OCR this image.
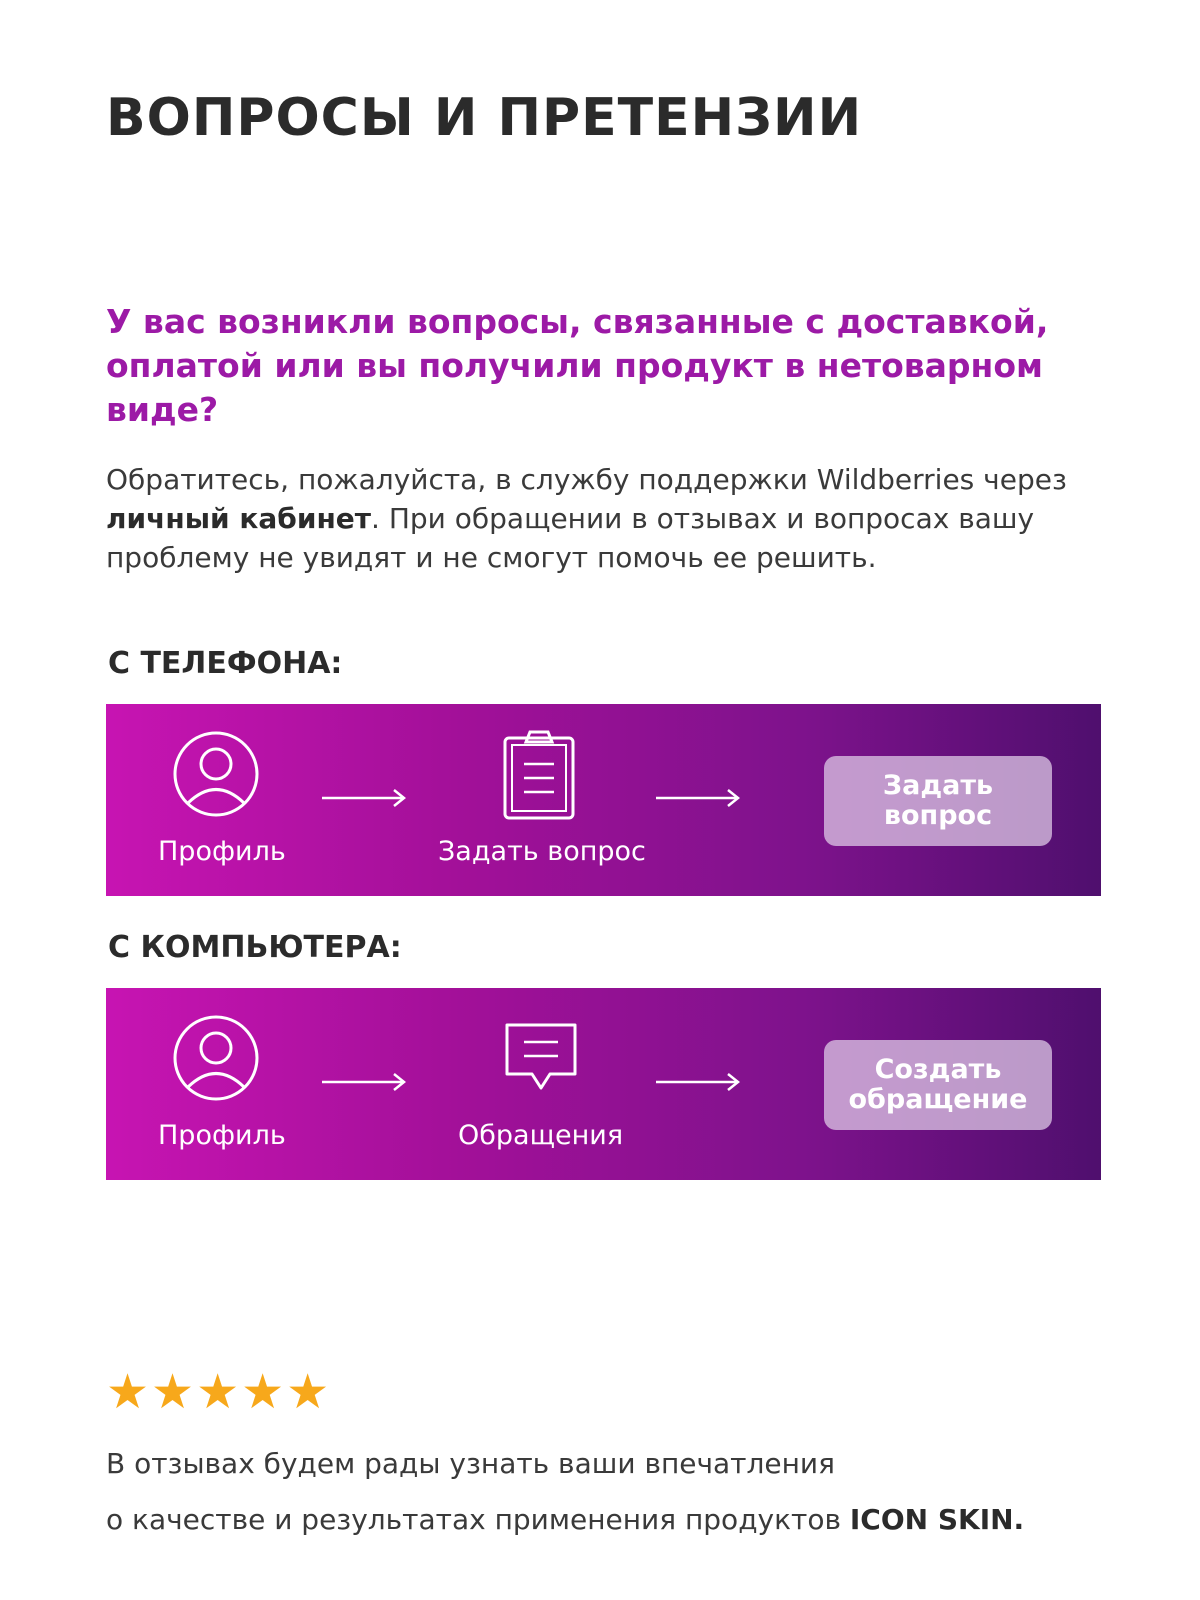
ВОПРОСЫ И ПРЕТЕНЗИИ
У вас возникли вопросы, связанные с доставкой, оплатой или вы получили продукт в нетоварном виде?

Обратитесь, пожалуйста, в службу поддержки Wildberries через личный кабинет. При обращении в отзывах и вопросах вашу проблему не увидят и не смогут помочь ее решить.

С ТЕЛЕФОНА:
Профиль	Задать вопрос
Задать вопрос
С КОМПЬЮТЕРА:
Профиль	Обращения
Создать обращение
★ ★ ★ ★ ★

В отзывах будем рады узнать ваши впечатления
о качестве и результатах применения продуктов ICON SKIN.
